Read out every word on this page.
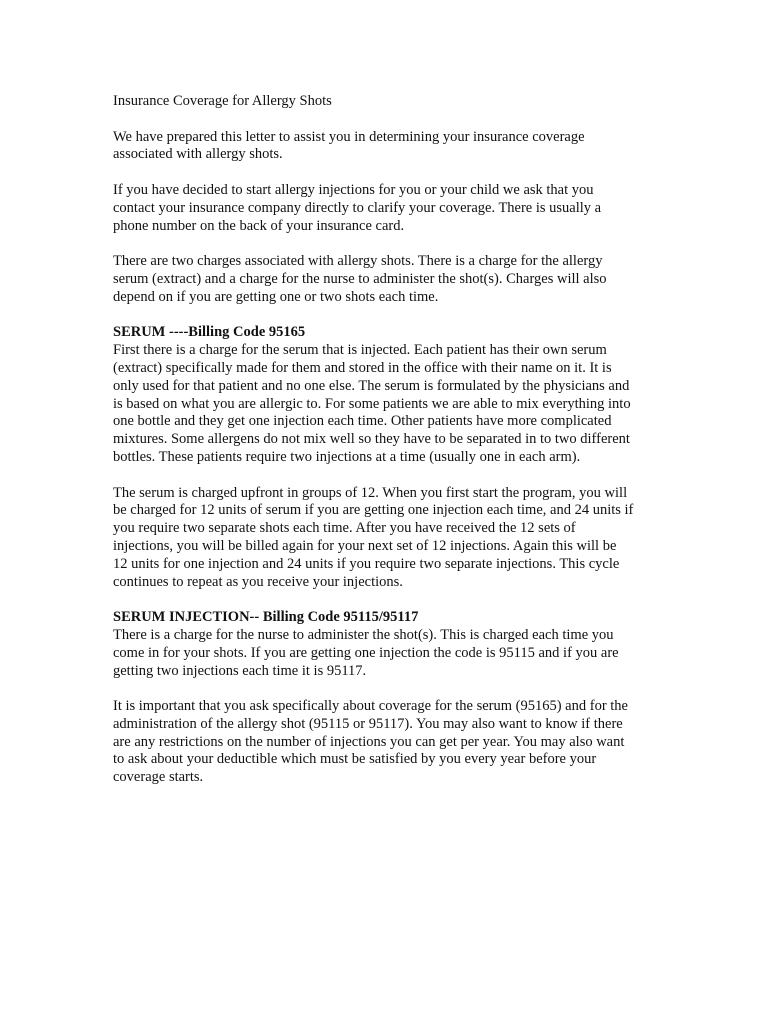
Insurance Coverage for Allergy Shots
We have prepared this letter to assist you in determining your insurance coverage
associated with allergy shots.
If you have decided to start allergy injections for you or your child we ask that you
contact your insurance company directly to clarify your coverage. There is usually a
phone number on the back of your insurance card.
There are two charges associated with allergy shots. There is a charge for the allergy
serum (extract) and a charge for the nurse to administer the shot(s). Charges will also
depend on if you are getting one or two shots each time.
SERUM ----Billing Code 95165
First there is a charge for the serum that is injected. Each patient has their own serum
(extract) specifically made for them and stored in the office with their name on it. It is
only used for that patient and no one else. The serum is formulated by the physicians and
is based on what you are allergic to. For some patients we are able to mix everything into
one bottle and they get one injection each time. Other patients have more complicated
mixtures. Some allergens do not mix well so they have to be separated in to two different
bottles. These patients require two injections at a time (usually one in each arm).
The serum is charged upfront in groups of 12. When you first start the program, you will
be charged for 12 units of serum if you are getting one injection each time, and 24 units if
you require two separate shots each time. After you have received the 12 sets of
injections, you will be billed again for your next set of 12 injections. Again this will be
12 units for one injection and 24 units if you require two separate injections. This cycle
continues to repeat as you receive your injections.
SERUM INJECTION-- Billing Code 95115/95117
There is a charge for the nurse to administer the shot(s). This is charged each time you
come in for your shots. If you are getting one injection the code is 95115 and if you are
getting two injections each time it is 95117.
It is important that you ask specifically about coverage for the serum (95165) and for the
administration of the allergy shot (95115 or 95117). You may also want to know if there
are any restrictions on the number of injections you can get per year. You may also want
to ask about your deductible which must be satisfied by you every year before your
coverage starts.
